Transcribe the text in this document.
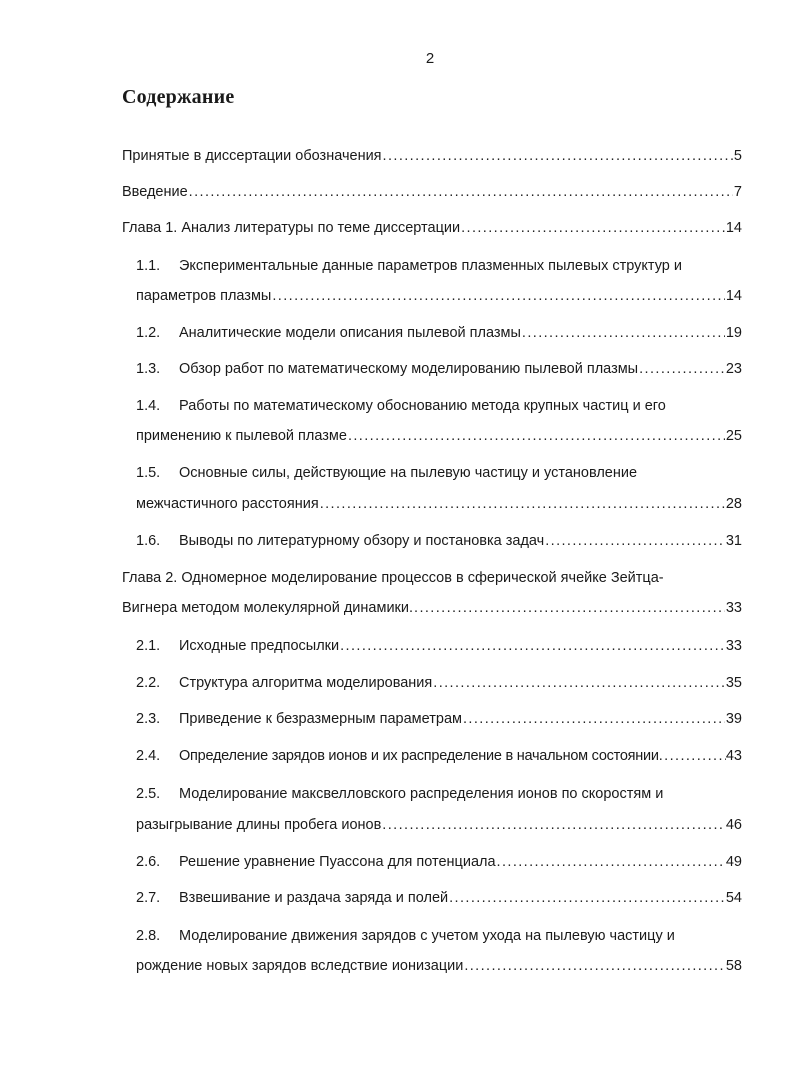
2
Содержание
Принятые в диссертации обозначения .....	5
Введение .....	7
Глава 1. Анализ литературы по теме диссертации .....	14
1.1.	Экспериментальные данные параметров плазменных пылевых структур и
параметров плазмы .....	14
1.2.	Аналитические модели описания пылевой плазмы .....	19
1.3.	Обзор работ по математическому моделированию пылевой плазмы .....	23
1.4.	Работы по математическому обоснованию метода крупных частиц и его
применению к пылевой плазме .....	25
1.5.	Основные силы, действующие на пылевую частицу и установление
межчастичного расстояния .....	28
1.6.	Выводы по литературному обзору и постановка задач .....	31
Глава 2. Одномерное моделирование процессов в сферической ячейке Зейтца-
Вигнера методом молекулярной динамики. .....	33
2.1.	Исходные предпосылки .....	33
2.2.	Структура алгоритма моделирования .....	35
2.3.	Приведение к безразмерным параметрам .....	39
2.4.	Определение зарядов ионов и их распределение в начальном состоянии .....	43
2.5.	Моделирование максвелловского распределения ионов по скоростям и
разыгрывание длины пробега ионов .....	46
2.6.	Решение уравнение Пуассона для потенциала .....	49
2.7.	Взвешивание и раздача заряда и полей .....	54
2.8.	Моделирование движения зарядов с учетом ухода на пылевую частицу и
рождение новых зарядов вследствие ионизации .....	58
